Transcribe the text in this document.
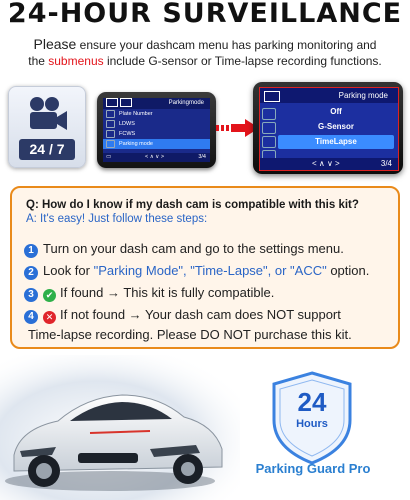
24-HOUR SURVEILLANCE
Please ensure your dashcam menu has parking monitoring and
the submenus include G-sensor or Time-lapse recording functions.
24 / 7
Parkingmode
Plate Number
LDWS
FCWS
Parking mode
▭	< ∧ ∨ >	3/4
Parking mode
Off
G-Sensor
TimeLapse
< ∧ ∨ >	3/4
Q: How do I know if my dash cam is compatible with this kit?
A: It's easy! Just follow these steps:
1 Turn on your dash cam and go to the settings menu.
2 Look for "Parking Mode", "Time-Lapse", or "ACC" option.
3 ✔ If found → This kit is fully compatible.
4 ✕ If not found → Your dash cam does NOT support
Time-lapse recording. Please DO NOT purchase this kit.
24
Hours
Parking Guard Pro
